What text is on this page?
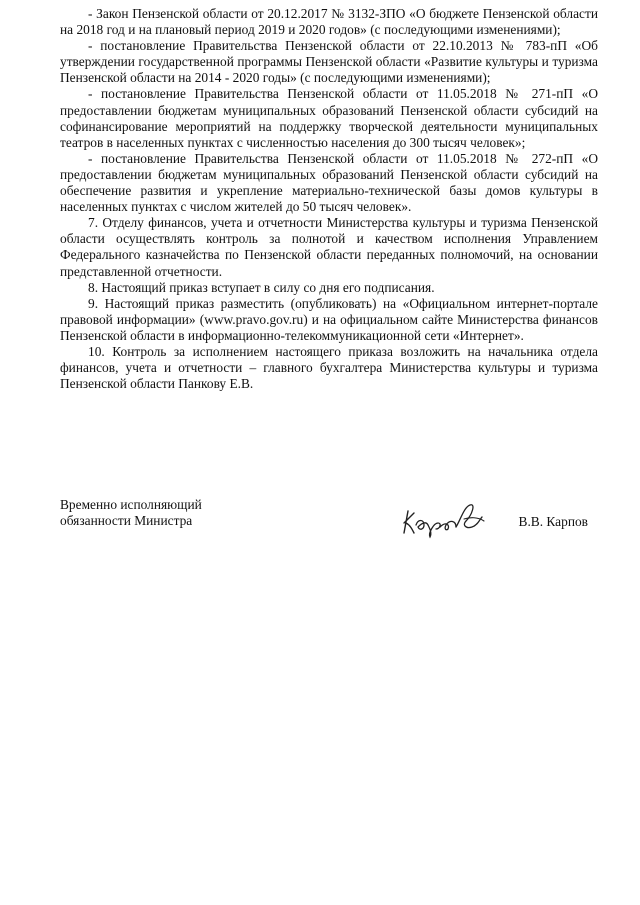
- Закон Пензенской области от 20.12.2017 № 3132-ЗПО «О бюджете Пензенской области на 2018 год и на плановый период 2019 и 2020 годов» (с последующими изменениями);

- постановление Правительства Пензенской области от 22.10.2013 № 783-пП «Об утверждении государственной программы Пензенской области «Развитие культуры и туризма Пензенской области на 2014 - 2020 годы» (с последующими изменениями);

- постановление Правительства Пензенской области от 11.05.2018 № 271-пП «О предоставлении бюджетам муниципальных образований Пензенской области субсидий на софинансирование мероприятий на поддержку творческой деятельности муниципальных театров в населенных пунктах с численностью населения до 300 тысяч человек»;

- постановление Правительства Пензенской области от 11.05.2018 № 272-пП «О предоставлении бюджетам муниципальных образований Пензенской области субсидий на обеспечение развития и укрепление материально-технической базы домов культуры в населенных пунктах с числом жителей до 50 тысяч человек».

7. Отделу финансов, учета и отчетности Министерства культуры и туризма Пензенской области осуществлять контроль за полнотой и качеством исполнения Управлением Федерального казначейства по Пензенской области переданных полномочий, на основании представленной отчетности.

8. Настоящий приказ вступает в силу со дня его подписания.

9. Настоящий приказ разместить (опубликовать) на «Официальном интернет-портале правовой информации» (www.pravo.gov.ru) и на официальном сайте Министерства финансов Пензенской области в информационно-телекоммуникационной сети «Интернет».

10. Контроль за исполнением настоящего приказа возложить на начальника отдела финансов, учета и отчетности – главного бухгалтера Министерства культуры и туризма Пензенской области Панкову Е.В.

Временно исполняющий
обязанности Министра	В.В. Карпов
